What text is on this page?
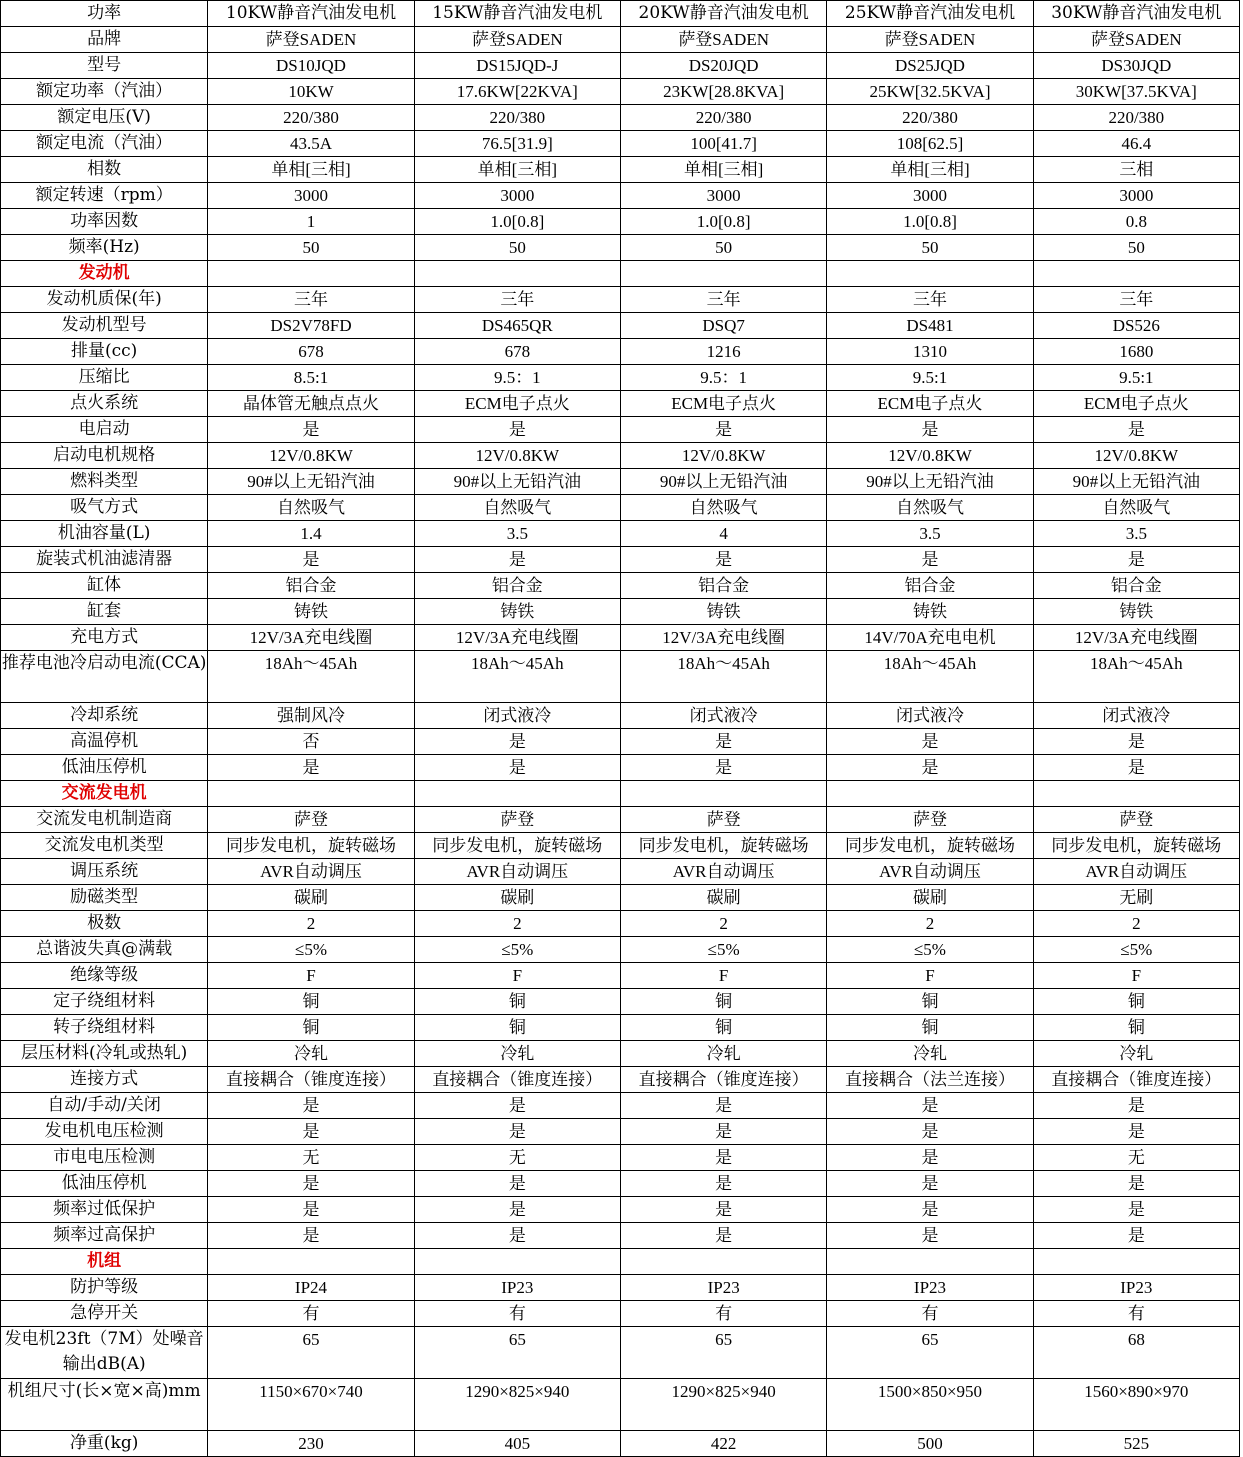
功率	10KW静音汽油发电机	15KW静音汽油发电机	20KW静音汽油发电机	25KW静音汽油发电机	30KW静音汽油发电机
品牌	萨登SADEN	萨登SADEN	萨登SADEN	萨登SADEN	萨登SADEN
型号	DS10JQD	DS15JQD-J	DS20JQD	DS25JQD	DS30JQD
额定功率（汽油）	10KW	17.6KW[22KVA]	23KW[28.8KVA]	25KW[32.5KVA]	30KW[37.5KVA]
额定电压(V)	220/380	220/380	220/380	220/380	220/380
额定电流（汽油）	43.5A	76.5[31.9]	100[41.7]	108[62.5]	46.4
相数	单相[三相]	单相[三相]	单相[三相]	单相[三相]	三相
额定转速（rpm）	3000	3000	3000	3000	3000
功率因数	1	1.0[0.8]	1.0[0.8]	1.0[0.8]	0.8
频率(Hz)	50	50	50	50	50
发动机					
发动机质保(年)	三年	三年	三年	三年	三年
发动机型号	DS2V78FD	DS465QR	DSQ7	DS481	DS526
排量(cc)	678	678	1216	1310	1680
压缩比	8.5:1	9.5：1	9.5：1	9.5:1	9.5:1
点火系统	晶体管无触点点火	ECM电子点火	ECM电子点火	ECM电子点火	ECM电子点火
电启动	是	是	是	是	是
启动电机规格	12V/0.8KW	12V/0.8KW	12V/0.8KW	12V/0.8KW	12V/0.8KW
燃料类型	90#以上无铅汽油	90#以上无铅汽油	90#以上无铅汽油	90#以上无铅汽油	90#以上无铅汽油
吸气方式	自然吸气	自然吸气	自然吸气	自然吸气	自然吸气
机油容量(L)	1.4	3.5	4	3.5	3.5
旋装式机油滤清器	是	是	是	是	是
缸体	铝合金	铝合金	铝合金	铝合金	铝合金
缸套	铸铁	铸铁	铸铁	铸铁	铸铁
充电方式	12V/3A充电线圈	12V/3A充电线圈	12V/3A充电线圈	14V/70A充电电机	12V/3A充电线圈
推荐电池冷启动电流(CCA)	18Ah～45Ah	18Ah～45Ah	18Ah～45Ah	18Ah～45Ah	18Ah～45Ah
冷却系统	强制风冷	闭式液冷	闭式液冷	闭式液冷	闭式液冷
高温停机	否	是	是	是	是
低油压停机	是	是	是	是	是
交流发电机					
交流发电机制造商	萨登	萨登	萨登	萨登	萨登
交流发电机类型	同步发电机，旋转磁场	同步发电机，旋转磁场	同步发电机，旋转磁场	同步发电机，旋转磁场	同步发电机，旋转磁场
调压系统	AVR自动调压	AVR自动调压	AVR自动调压	AVR自动调压	AVR自动调压
励磁类型	碳刷	碳刷	碳刷	碳刷	无刷
极数	2	2	2	2	2
总谐波失真@满载	≤5%	≤5%	≤5%	≤5%	≤5%
绝缘等级	F	F	F	F	F
定子绕组材料	铜	铜	铜	铜	铜
转子绕组材料	铜	铜	铜	铜	铜
层压材料(冷轧或热轧)	冷轧	冷轧	冷轧	冷轧	冷轧
连接方式	直接耦合（锥度连接）	直接耦合（锥度连接）	直接耦合（锥度连接）	直接耦合（法兰连接）	直接耦合（锥度连接）
自动/手动/关闭	是	是	是	是	是
发电机电压检测	是	是	是	是	是
市电电压检测	无	无	是	是	无
低油压停机	是	是	是	是	是
频率过低保护	是	是	是	是	是
频率过高保护	是	是	是	是	是
机组					
防护等级	IP24	IP23	IP23	IP23	IP23
急停开关	有	有	有	有	有
发电机23ft（7M）处噪音输出dB(A)	65	65	65	65	68
机组尺寸(长×宽×高)mm	1150×670×740	1290×825×940	1290×825×940	1500×850×950	1560×890×970
净重(kg)	230	405	422	500	525
